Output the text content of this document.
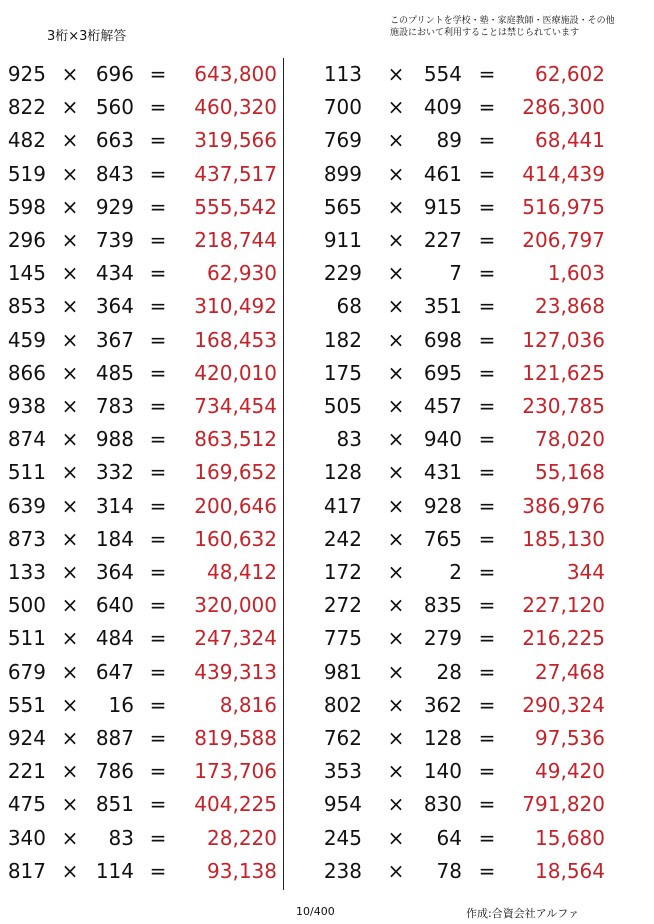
3桁×3桁解答
このプリントを学校・塾・家庭教師・医療施設・その他
施設において利用することは禁じられています
925 × 696 =	643,800
822 × 560 =	460,320
482 × 663 =	319,566
519 × 843 =	437,517
598 × 929 =	555,542
296 × 739 =	218,744
145 × 434 =	62,930
853 × 364 =	310,492
459 × 367 =	168,453
866 × 485 =	420,010
938 × 783 =	734,454
874 × 988 =	863,512
511 × 332 =	169,652
639 × 314 =	200,646
873 × 184 =	160,632
133 × 364 =	48,412
500 × 640 =	320,000
511 × 484 =	247,324
679 × 647 =	439,313
551 ×	16 =	8,816
924 × 887 =	819,588
221 × 786 =	173,706
475 × 851 =	404,225
340 ×	83 =	28,220
817 × 114 =	93,138
113 × 554 =	62,602
700 × 409 =	286,300
769 ×	89 =	68,441
899 × 461 =	414,439
565 × 915 =	516,975
911 × 227 =	206,797
229 ×	7 =	1,603
68 × 351 =	23,868
182 × 698 =	127,036
175 × 695 =	121,625
505 × 457 =	230,785
83 × 940 =	78,020
128 × 431 =	55,168
417 × 928 =	386,976
242 × 765 =	185,130
172 ×	2 =	344
272 × 835 =	227,120
775 × 279 =	216,225
981 ×	28 =	27,468
802 × 362 =	290,324
762 × 128 =	97,536
353 × 140 =	49,420
954 × 830 =	791,820
245 ×	64 =	15,680
238 ×	78 =	18,564
10/400	作成:合資会社アルファ
